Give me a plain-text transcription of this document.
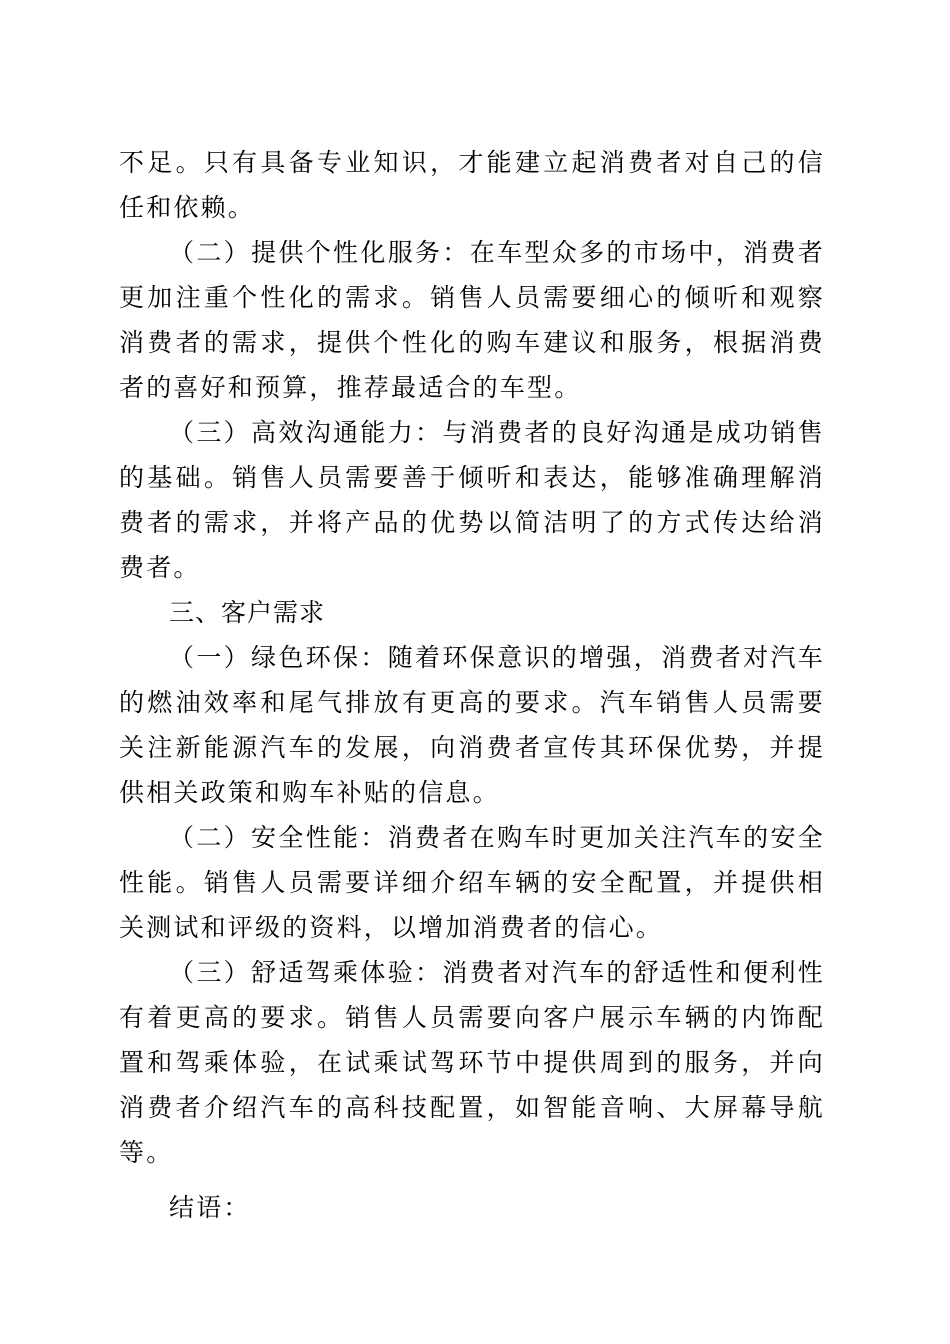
不足。只有具备专业知识，才能建立起消费者对自己的信任和依赖。

（二）提供个性化服务：在车型众多的市场中，消费者更加注重个性化的需求。销售人员需要细心的倾听和观察消费者的需求，提供个性化的购车建议和服务，根据消费者的喜好和预算，推荐最适合的车型。

（三）高效沟通能力：与消费者的良好沟通是成功销售的基础。销售人员需要善于倾听和表达，能够准确理解消费者的需求，并将产品的优势以简洁明了的方式传达给消费者。

三、客户需求

（一）绿色环保：随着环保意识的增强，消费者对汽车的燃油效率和尾气排放有更高的要求。汽车销售人员需要关注新能源汽车的发展，向消费者宣传其环保优势，并提供相关政策和购车补贴的信息。

（二）安全性能：消费者在购车时更加关注汽车的安全性能。销售人员需要详细介绍车辆的安全配置，并提供相关测试和评级的资料，以增加消费者的信心。

（三）舒适驾乘体验：消费者对汽车的舒适性和便利性有着更高的要求。销售人员需要向客户展示车辆的内饰配置和驾乘体验，在试乘试驾环节中提供周到的服务，并向消费者介绍汽车的高科技配置，如智能音响、大屏幕导航等。

结语：
